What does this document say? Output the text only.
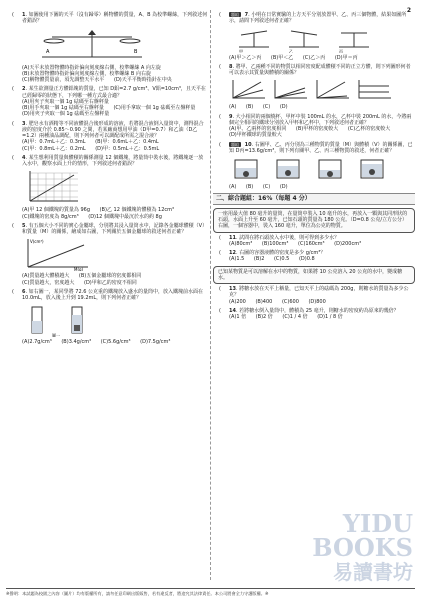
2
(	1. 如圖使用下圖的天平（沒有歸零）稱物體的質量，A、B 為校準螺絲，下列敘述何者錯誤？
A	B
(A)天平未放置物體時指針偏向刻度線右側，校準螺絲 A 向左旋 (B)未放置物體時指針偏向刻度線左側，校準螺絲 B 向右旋 (C)稱物體質量前，須先調整天平水平 (D)天平平衡時指針在中央
(	2. 某生欲測量正方體鋁塊的質量，已知 D鋁=2.7 g/cm³、V鋁=10cm³，且天平在已經歸零的狀態下，下列哪一種方式最合適？
(A)用夾子夾取一個 1g 砝碼至右盤秤量 (B)用手夾取一個 1g 砝碼至右盤秤量 (C)用手拿取一個 1g 砝碼至左盤秤量 (D)用夾子夾取一個 1g 砝碼至左盤秤量
(	3. 肥皂水有酒精等不同液體混合後形成的溶液，若將混合液倒入量筒中，測得混合液的密度介於 0.85～0.90 之間，若某廠商想用甲油（D甲=0.7）和乙油（D乙=1.2）兩種油品調配，則下列何者可以調配成所需之混合液？
(A)甲：0.7mL＋乙：0.3mL (B)甲：0.6mL＋乙：0.4mL (C)甲：0.8mL＋乙：0.2mL (D)甲：0.5mL＋乙：0.5mL
(	4. 某生想利用質量與體積的關係測量 12 個鐵塊，將量筒中裝水後，將鐵塊逐一放入水中，觀察水面上升的情形，下列敘述何者錯誤？
(A)甲 12 個鐵塊的質量為 96g (B)乙 12 個鐵塊的體積為 12cm³ (C)鐵塊的密度為 8g/cm³ (D)12 個鐵塊中最沉於水的約 8g
(	5. 有五個大小不同的實心金屬球，分別將其浸入量筒水中，記錄各金屬球體積（V）和質量（M）的關係，繪成如右圖，下列關於五個金屬球的敘述何者正確？
M(g)
V(cm³)
(A)質量越大體積越大 (B)五個金屬球的密度都相同 (C)質量越大，密度越大 (D)甲和乙的密度不相同
(	6. 如右圖一，某同學將 72.6 公克重的鐵塊放入盛水的量筒中，放入鐵塊前水面在 10.0mL，放入後上升到 19.2mL，則下列何者正確？
圖一
(A)2.7g/cm³ (B)3.4g/cm³ (C)5.6g/cm³ (D)7.5g/cm³
(	題組 7. 小明在日常實驗的上方天平分別放置甲、乙、丙三個物體，結果如圖所示，請問下列敘述何者正確？
甲	乙	丙
(A)甲＞乙＞丙 (B)甲＜乙 (C)乙＞丙 (D)甲＝丙
(	8. 將甲、乙兩種不同的物質以相同密度配成體積不同的正立方體，則下列圖形何者可以表示其質量與體積的關係？
(A) (B) (C) (D)
(	9. 大小相同的兩個燒杯，甲杯中裝 100mL 的水，乙杯中裝 200mL 的水，今將兩個完全相同的鐵球分別放入甲杯和乙杯中，下列敘述何者正確？
(A)甲、乙兩杯的密度相同 (B)甲杯的密度較大 (C)乙杯的密度較大 (D)甲杯鐵球的質量較大
(	題組 10. 右圖甲、乙、丙分別為三種物質的質量（M）與體積（V）的關係圖，已知 D丙=13.6g/cm³，則下列有關甲、乙、丙三種物質的敘述，何者正確？
(A) (B) (C) (D)
二、綜合題組：16%（每題 4 分）
一座用最大值 80 毫升的量筒，在量筒中裝入 10 毫升的水，再放入一顆與其同形狀的石頭，水面上升至 60 毫升，已知石頭的質量為 180 公克。（D=0.8 公克/立方公分）
右圖，一個容器中，裝入 160 毫升，單位為公克的物質。
(	11. 試問在將石頭放入水中後，則可得到多少水？
(A)80cm³ (B)100cm³ (C)160cm³ (D)200cm³
(	12. 右圖的容器液體的密度是多少 g/cm³？
(A)1.5 (B)2 (C)0.5 (D)0.8
已知某物質是可以溶解在水中的物質，如果將 10 公克溶入 20 公克的水中，變成糖水。
(	13. 將糖水放在天平上稱量，已知天平上的砝碼為 200g，則糖水的質量為多少公克？
(A)200 (B)400 (C)600 (D)800
(	14. 若將糖水倒入量筒中，體積為 25 毫升，則糖水的密度約為原來的幾倍？
(A)1 倍 (B)2 倍 (C)1 / 4 倍 (D)1 / 8 倍
YIDU
BOOKS
易讀書坊
※聲明：本試題為校園之內容（圖片）均有版權所有，請勿任意印刷出版販售，若有違反者，將追究其法律責任。本公司將會全力守護版權。※
